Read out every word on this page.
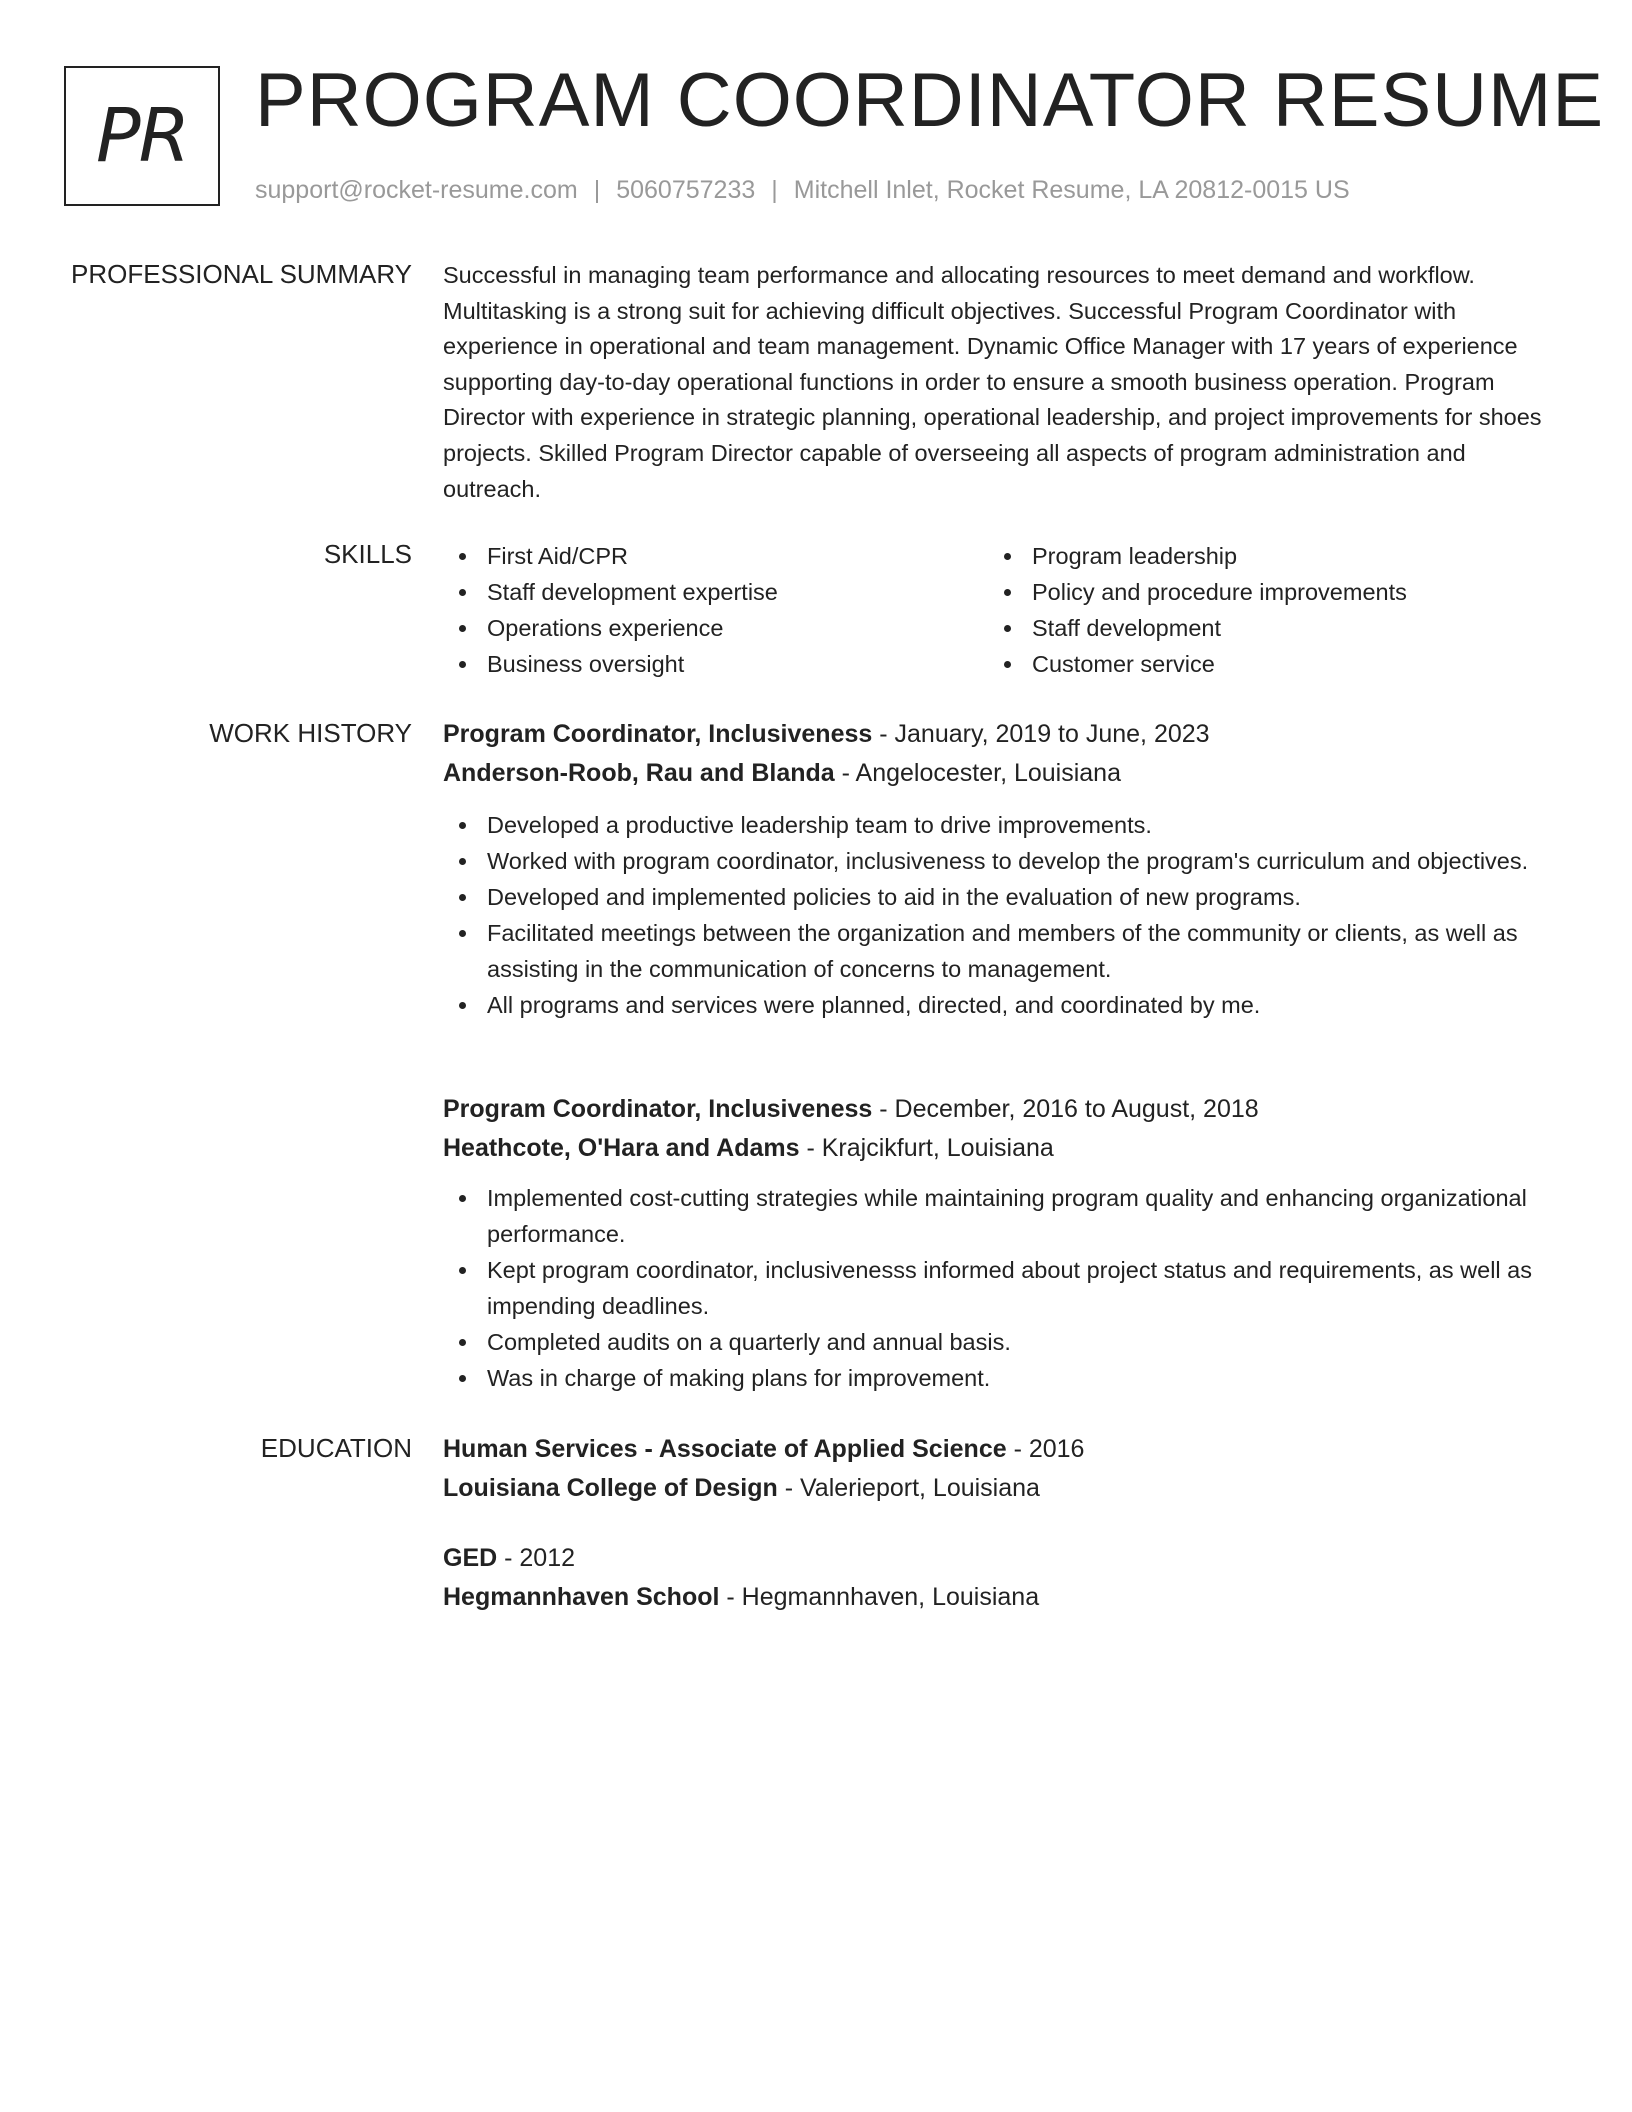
PR PROGRAM COORDINATOR RESUME
support@rocket-resume.com | 5060757233 | Mitchell Inlet, Rocket Resume, LA 20812-0015 US
PROFESSIONAL SUMMARY Successful in managing team performance and allocating resources to meet demand and workflow. Multitasking is a strong suit for achieving difficult objectives. Successful Program Coordinator with experience in operational and team management. Dynamic Office Manager with 17 years of experience supporting day-to-day operational functions in order to ensure a smooth business operation. Program Director with experience in strategic planning, operational leadership, and project improvements for shoes projects. Skilled Program Director capable of overseeing all aspects of program administration and outreach.

SKILLS	First Aid/CPR
Staff development expertise
Operations experience
Business oversight
Program leadership
Policy and procedure improvements
Staff development
Customer service
WORK HISTORY Program Coordinator, Inclusiveness - January, 2019 to June, 2023
Anderson-Roob, Rau and Blanda - Angelocester, Louisiana
Developed a productive leadership team to drive improvements.
Worked with program coordinator, inclusiveness to develop the program's curriculum and objectives.
Developed and implemented policies to aid in the evaluation of new programs.
Facilitated meetings between the organization and members of the community or clients, as well as assisting in the communication of concerns to management.
All programs and services were planned, directed, and coordinated by me.
Program Coordinator, Inclusiveness - December, 2016 to August, 2018
Heathcote, O'Hara and Adams - Krajcikfurt, Louisiana
Implemented cost-cutting strategies while maintaining program quality and enhancing organizational performance.
Kept program coordinator, inclusivenesss informed about project status and requirements, as well as impending deadlines.
Completed audits on a quarterly and annual basis.
Was in charge of making plans for improvement.
EDUCATION Human Services - Associate of Applied Science - 2016
Louisiana College of Design - Valerieport, Louisiana
GED - 2012
Hegmannhaven School - Hegmannhaven, Louisiana
